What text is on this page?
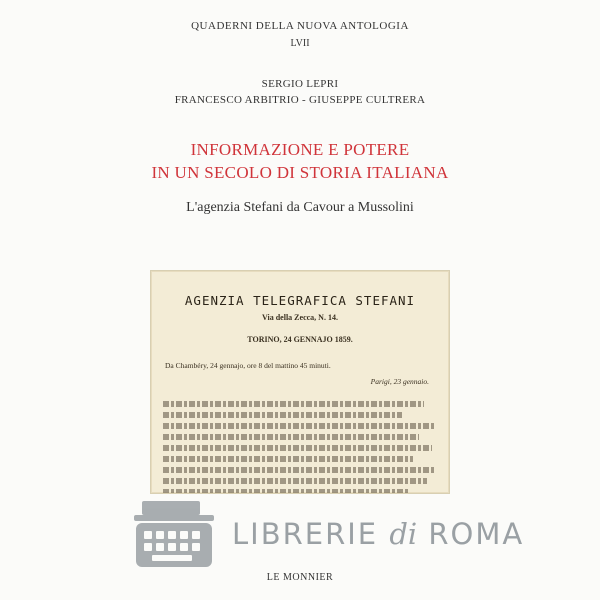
QUADERNI DELLA NUOVA ANTOLOGIA
LVII
SERGIO LEPRI
FRANCESCO ARBITRIO - GIUSEPPE CULTRERA
INFORMAZIONE E POTERE
IN UN SECOLO DI STORIA ITALIANA
L'agenzia Stefani da Cavour a Mussolini
AGENZIA TELEGRAFICA STEFANI
Via della Zecca, N. 14.
TORINO, 24 GENNAJO 1859.
Da Chambéry, 24 gennajo, ore 8 del mattino 45 minuti.
Parigi, 23 gennaio.
LIBRERIE di ROMA
LE MONNIER
